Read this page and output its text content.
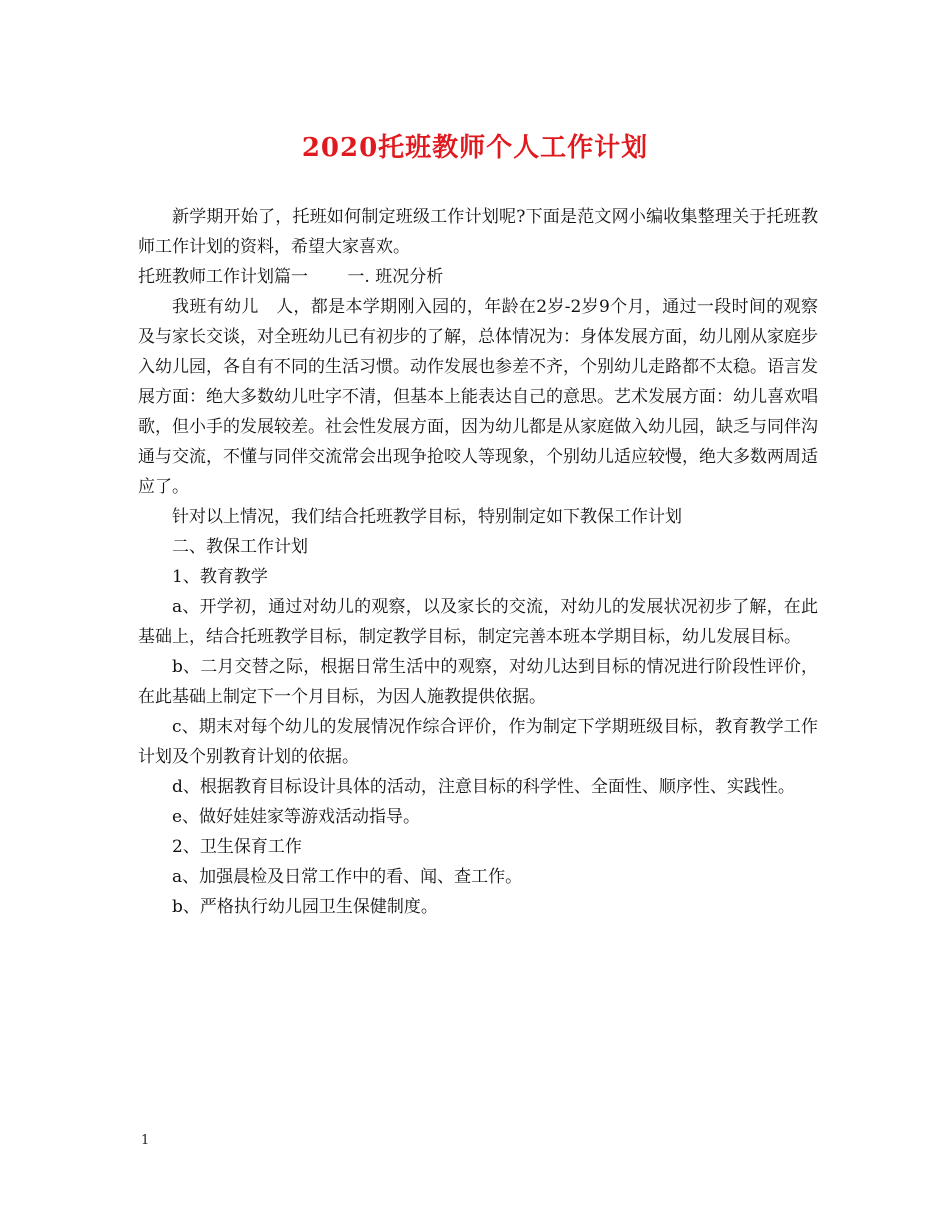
2020托班教师个人工作计划

新学期开始了，托班如何制定班级工作计划呢?下面是范文网小编收集整理关于托班教师工作计划的资料，希望大家喜欢。

托班教师工作计划篇一　　 一. 班况分析

我班有幼儿　人，都是本学期刚入园的，年龄在2岁-2岁9个月，通过一段时间的观察及与家长交谈，对全班幼儿已有初步的了解，总体情况为：身体发展方面，幼儿刚从家庭步入幼儿园，各自有不同的生活习惯。动作发展也参差不齐，个别幼儿走路都不太稳。语言发展方面：绝大多数幼儿吐字不清，但基本上能表达自己的意思。艺术发展方面：幼儿喜欢唱歌，但小手的发展较差。社会性发展方面，因为幼儿都是从家庭做入幼儿园，缺乏与同伴沟通与交流，不懂与同伴交流常会出现争抢咬人等现象，个别幼儿适应较慢，绝大多数两周适应了。

针对以上情况，我们结合托班教学目标，特别制定如下教保工作计划

二、教保工作计划

1、教育教学

a、开学初，通过对幼儿的观察，以及家长的交流，对幼儿的发展状况初步了解，在此基础上，结合托班教学目标，制定教学目标，制定完善本班本学期目标，幼儿发展目标。

b、二月交替之际，根据日常生活中的观察，对幼儿达到目标的情况进行阶段性评价，在此基础上制定下一个月目标，为因人施教提供依据。

c、期末对每个幼儿的发展情况作综合评价，作为制定下学期班级目标，教育教学工作计划及个别教育计划的依据。

d、根据教育目标设计具体的活动，注意目标的科学性、全面性、顺序性、实践性。

e、做好娃娃家等游戏活动指导。

2、卫生保育工作

a、加强晨检及日常工作中的看、闻、查工作。

b、严格执行幼儿园卫生保健制度。

1
